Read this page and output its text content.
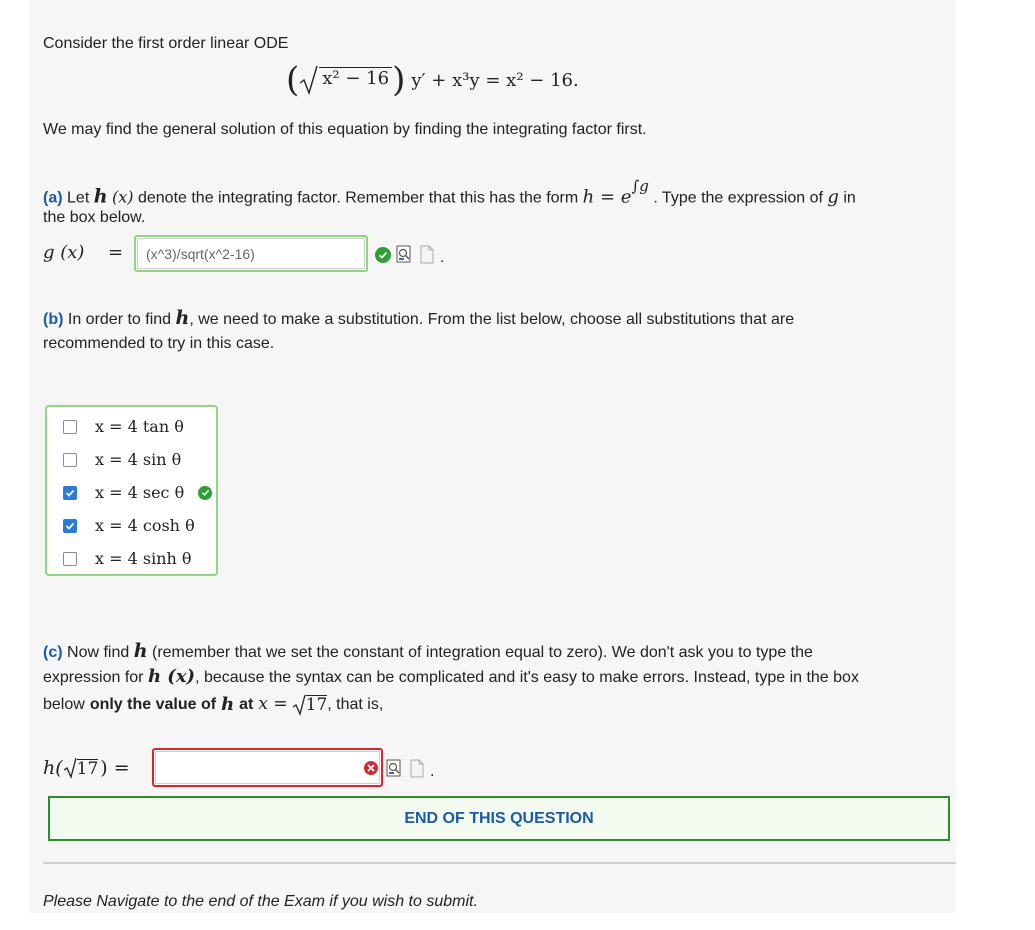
Consider the first order linear ODE
( x² − 16 ) y′ + x³y = x² − 16.
We may find the general solution of this equation by finding the integrating factor first.
(a) Let h (x) denote the integrating factor. Remember that this has the form $h = e^{\int g}$ . Type the expression of g in
the box below.
g (x) =
(x^3)/sqrt(x^2-16)	.
(b) In order to find h, we need to make a substitution. From the list below, choose all substitutions that are
recommended to try in this case.
x = 4 tan θ
x = 4 sin θ
x = 4 sec θ
x = 4 cosh θ
x = 4 sinh θ
(c) Now find h (remember that we set the constant of integration equal to zero). We don't ask you to type the
expression for h (x), because the syntax can be complicated and it's easy to make errors. Instead, type in the box
below only the value of h at x = 17 , that is,
h( 17 ) =	.
END OF THIS QUESTION
Please Navigate to the end of the Exam if you wish to submit.
